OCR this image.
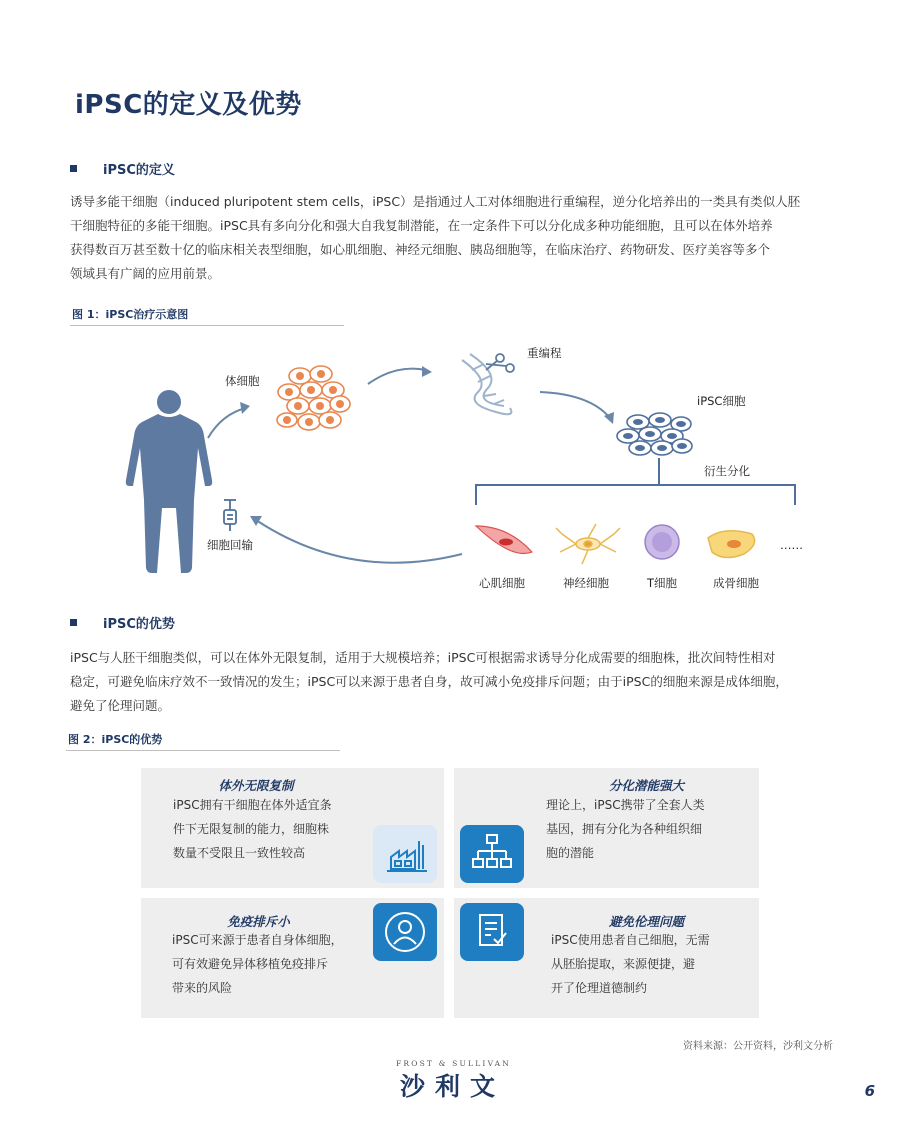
iPSC的定义及优势
iPSC的定义
诱导多能干细胞（induced pluripotent stem cells，iPSC）是指通过人工对体细胞进行重编程，逆分化培养出的一类具有类似人胚
干细胞特征的多能干细胞。iPSC具有多向分化和强大自我复制潜能，在一定条件下可以分化成多种功能细胞，且可以在体外培养
获得数百万甚至数十亿的临床相关表型细胞，如心肌细胞、神经元细胞、胰岛细胞等，在临床治疗、药物研发、医疗美容等多个
领域具有广阔的应用前景。
图 1：iPSC治疗示意图
体细胞
重编程
iPSC细胞
衍生分化
细胞回输	……
心肌细胞	神经细胞	T细胞	成骨细胞
iPSC的优势
iPSC与人胚干细胞类似，可以在体外无限复制，适用于大规模培养；iPSC可根据需求诱导分化成需要的细胞株，批次间特性相对
稳定，可避免临床疗效不一致情况的发生；iPSC可以来源于患者自身，故可减小免疫排斥问题；由于iPSC的细胞来源是成体细胞，
避免了伦理问题。
图 2：iPSC的优势
体外无限复制
iPSC拥有干细胞在体外适宜条
件下无限复制的能力，细胞株
数量不受限且一致性较高
分化潜能强大
理论上，iPSC携带了全套人类
基因，拥有分化为各种组织细
胞的潜能
免疫排斥小
iPSC可来源于患者自身体细胞，
可有效避免异体移植免疫排斥
带来的风险
避免伦理问题
iPSC使用患者自己细胞，无需
从胚胎提取，来源便捷，避
开了伦理道德制约
资料来源：公开资料，沙利文分析
FROST & SULLIVAN
沙利文	6
